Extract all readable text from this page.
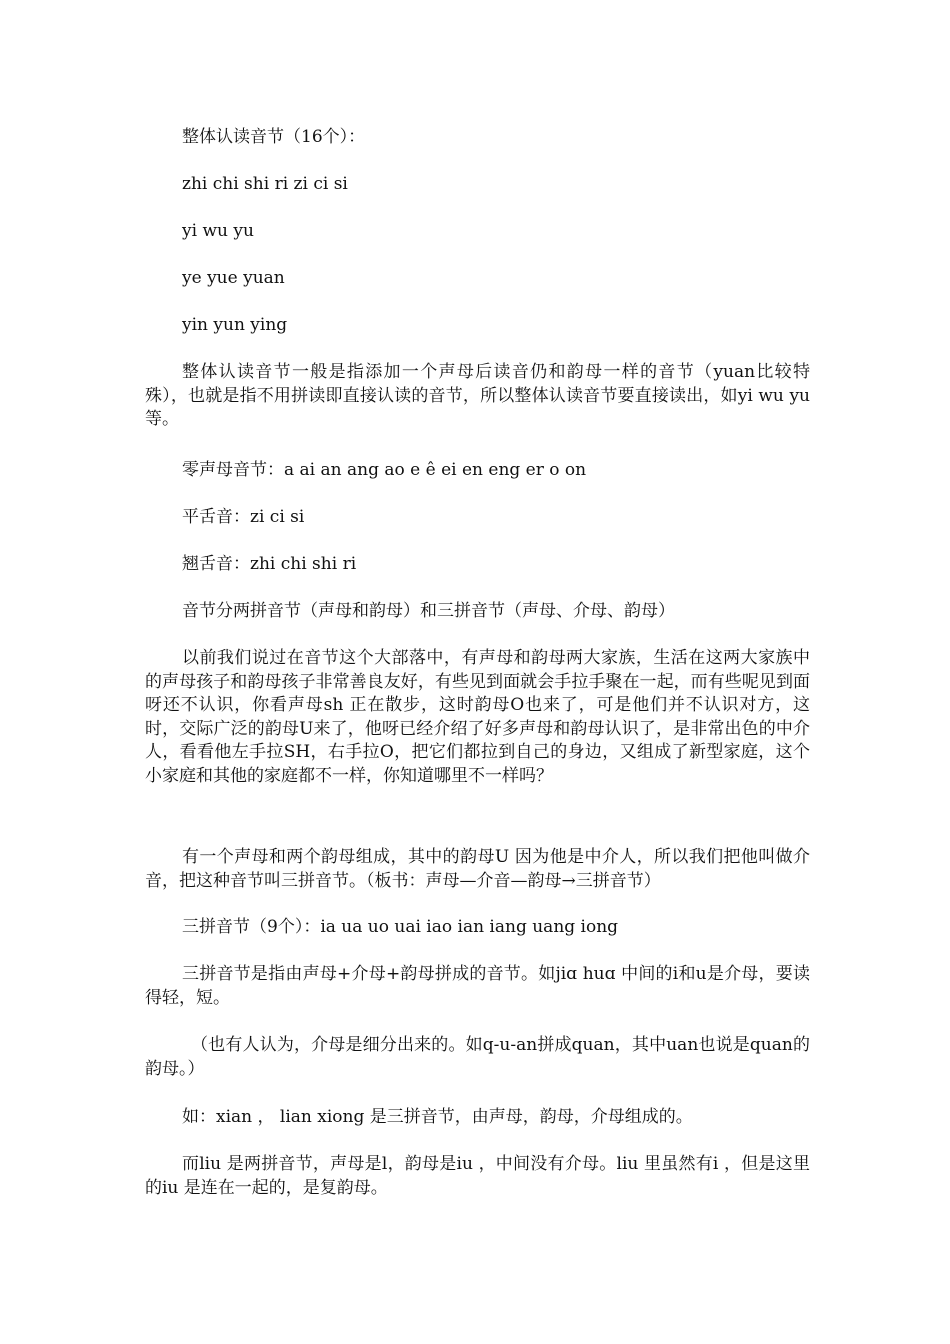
整体认读音节（16个）：

zhi chi shi ri zi ci si

yi wu yu

ye yue yuan

yin yun ying

整体认读音节一般是指添加一个声母后读音仍和韵母一样的音节（yuan比较特殊），也就是指不用拼读即直接认读的音节，所以整体认读音节要直接读出，如yi wu yu等。

零声母音节：a ai an ang ao e ê ei en eng er o on

平舌音：zi ci si

翘舌音：zhi chi shi ri

音节分两拼音节（声母和韵母）和三拼音节（声母、介母、韵母）

以前我们说过在音节这个大部落中，有声母和韵母两大家族，生活在这两大家族中的声母孩子和韵母孩子非常善良友好，有些见到面就会手拉手聚在一起，而有些呢见到面呀还不认识，你看声母sh 正在散步，这时韵母O也来了，可是他们并不认识对方，这时，交际广泛的韵母U来了，他呀已经介绍了好多声母和韵母认识了，是非常出色的中介人，看看他左手拉SH，右手拉O，把它们都拉到自己的身边，又组成了新型家庭，这个小家庭和其他的家庭都不一样，你知道哪里不一样吗？

有一个声母和两个韵母组成，其中的韵母U 因为他是中介人，所以我们把他叫做介音，把这种音节叫三拼音节。（板书：声母—介音—韵母→三拼音节）

三拼音节（9个）：ia ua uo uai iao ian iang uang iong

三拼音节是指由声母+介母+韵母拼成的音节。如jiɑ huɑ 中间的i和u是介母，要读得轻，短。

（也有人认为，介母是细分出来的。如q-u-an拼成quan，其中uan也说是quan的韵母。）

如：xian ， lian xiong 是三拼音节，由声母，韵母，介母组成的。

而liu 是两拼音节，声母是l，韵母是iu ，中间没有介母。liu 里虽然有i ，但是这里的iu 是连在一起的，是复韵母。
